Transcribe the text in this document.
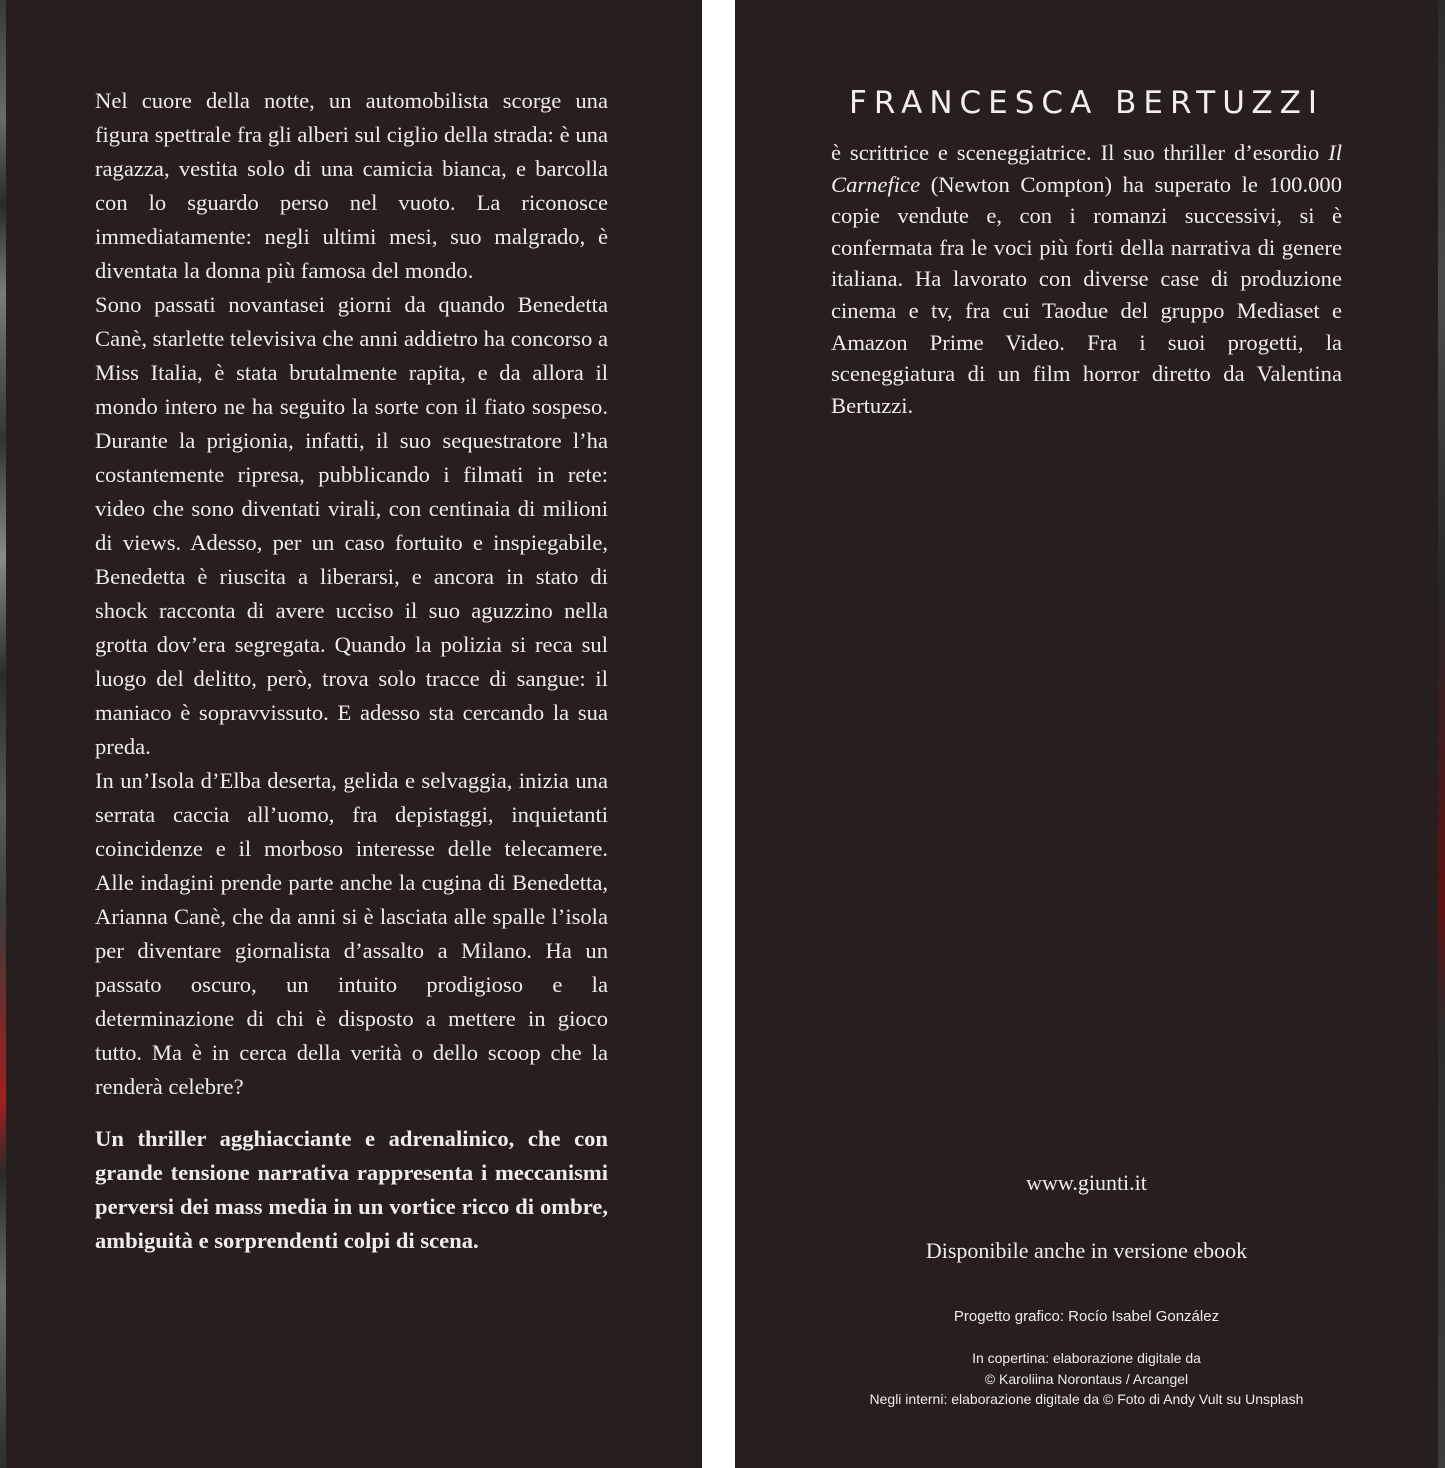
Nel cuore della notte, un automobilista scorge una figura spettrale fra gli alberi sul ciglio della strada: è una ragazza, vestita solo di una camicia bianca, e barcolla con lo sguardo perso nel vuoto. La riconosce immediatamente: negli ultimi mesi, suo malgrado, è diventata la donna più famosa del mondo.

Sono passati novantasei giorni da quando Benedetta Canè, starlette televisiva che anni addietro ha concorso a Miss Italia, è stata brutalmente rapita, e da allora il mondo intero ne ha seguito la sorte con il fiato sospeso. Durante la prigionia, infatti, il suo sequestratore l’ha costantemente ripresa, pubblicando i filmati in rete: video che sono diventati virali, con centinaia di milioni di views. Adesso, per un caso fortuito e inspiegabile, Benedetta è riuscita a liberarsi, e ancora in stato di shock racconta di avere ucciso il suo aguzzino nella grotta dov’era segregata. Quando la polizia si reca sul luogo del delitto, però, trova solo tracce di sangue: il maniaco è sopravvissuto. E adesso sta cercando la sua preda.

In un’Isola d’Elba deserta, gelida e selvaggia, inizia una serrata caccia all’uomo, fra depistaggi, inquietanti coincidenze e il morboso interesse delle telecamere. Alle indagini prende parte anche la cugina di Benedetta, Arianna Canè, che da anni si è lasciata alle spalle l’isola per diventare giornalista d’assalto a Milano. Ha un passato oscuro, un intuito prodigioso e la determinazione di chi è disposto a mettere in gioco tutto. Ma è in cerca della verità o dello scoop che la renderà celebre?

Un thriller agghiacciante e adrenalinico, che con grande tensione narrativa rappresenta i meccanismi perversi dei mass media in un vortice ricco di ombre, ambiguità e sorprendenti colpi di scena.

FRANCESCA BERTUZZI

è scrittrice e sceneggiatrice. Il suo thriller d’esordio Il Carnefice (Newton Compton) ha superato le 100.000 copie vendute e, con i romanzi successivi, si è confermata fra le voci più forti della narrativa di genere italiana. Ha lavorato con diverse case di produzione cinema e tv, fra cui Taodue del gruppo Mediaset e Amazon Prime Video. Fra i suoi progetti, la sceneggiatura di un film horror diretto da Valentina Bertuzzi.

www.giunti.it
Disponibile anche in versione ebook
Progetto grafico: Rocío Isabel González
In copertina: elaborazione digitale da
© Karoliina Norontaus / Arcangel
Negli interni: elaborazione digitale da © Foto di Andy Vult su Unsplash
